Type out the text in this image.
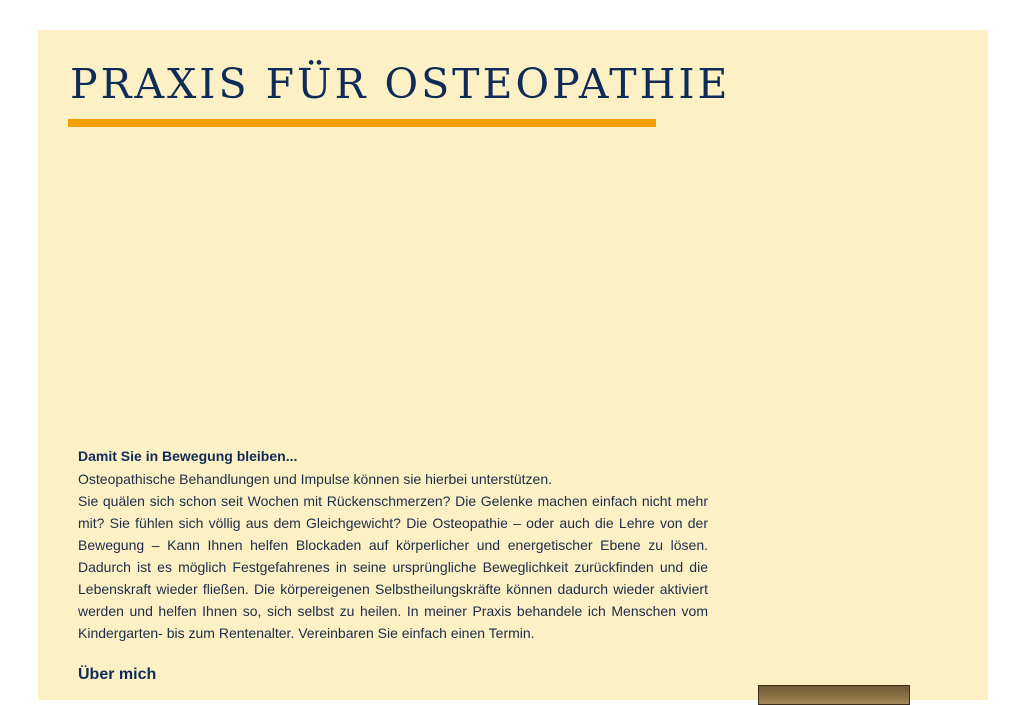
PRAXIS FÜR OSTEOPATHIE
Damit Sie in Bewegung bleiben...

Osteopathische Behandlungen und Impulse können sie hierbei unterstützen.

Sie quälen sich schon seit Wochen mit Rückenschmerzen? Die Gelenke machen einfach nicht mehr mit? Sie fühlen sich völlig aus dem Gleichgewicht? Die Osteopathie – oder auch die Lehre von der Bewegung – Kann Ihnen helfen Blockaden auf körperlicher und energetischer Ebene zu lösen. Dadurch ist es möglich Festgefahrenes in seine ursprüngliche Beweglichkeit zurückfinden und die Lebenskraft wieder fließen. Die körpereigenen Selbstheilungskräfte können dadurch wieder aktiviert werden und helfen Ihnen so, sich selbst zu heilen. In meiner Praxis behandele ich Menschen vom Kindergarten- bis zum Rentenalter. Vereinbaren Sie einfach einen Termin.

Über mich
